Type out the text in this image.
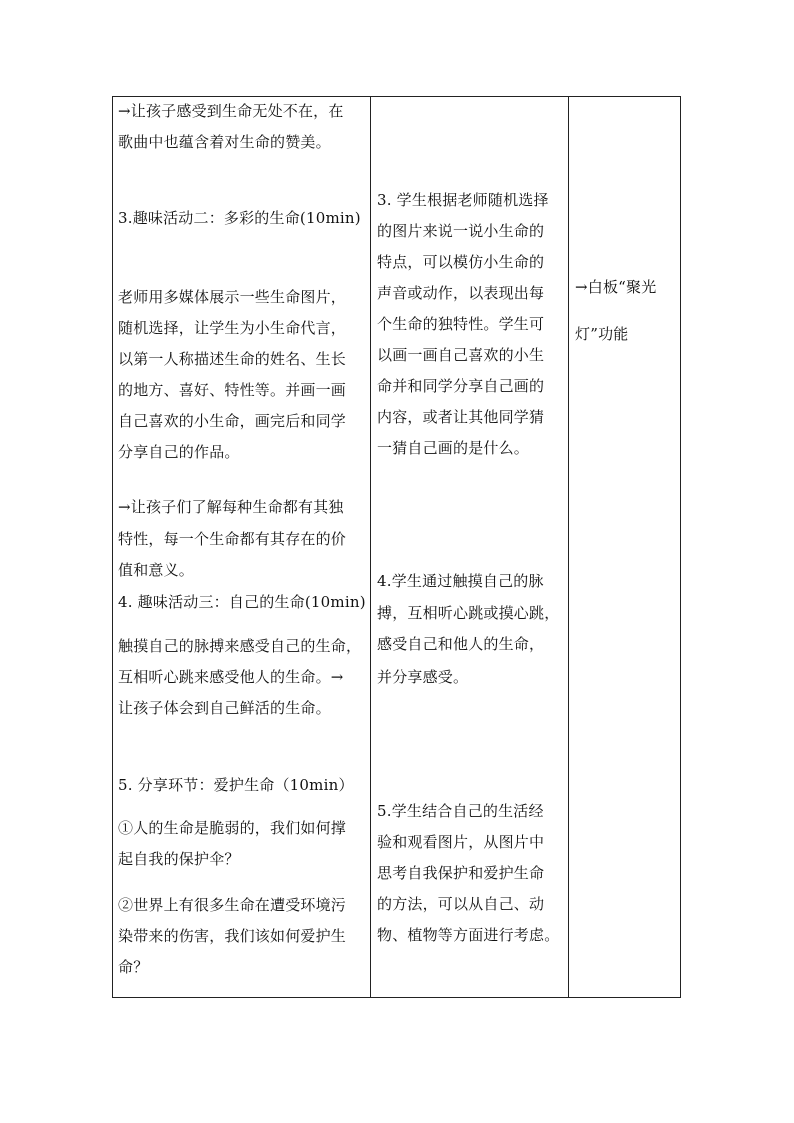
→让孩子感受到生命无处不在，在
歌曲中也蕴含着对生命的赞美。
3.趣味活动二：多彩的生命(10min)
老师用多媒体展示一些生命图片，
随机选择，让学生为小生命代言，
以第一人称描述生命的姓名、生长
的地方、喜好、特性等。并画一画
自己喜欢的小生命，画完后和同学
分享自己的作品。
→让孩子们了解每种生命都有其独
特性，每一个生命都有其存在的价
值和意义。
4. 趣味活动三：自己的生命(10min)
触摸自己的脉搏来感受自己的生命，
互相听心跳来感受他人的生命。→
让孩子体会到自己鲜活的生命。
5. 分享环节：爱护生命（10min）
①人的生命是脆弱的，我们如何撑
起自我的保护伞？
②世界上有很多生命在遭受环境污
染带来的伤害，我们该如何爱护生
命？
3. 学生根据老师随机选择
的图片来说一说小生命的
特点，可以模仿小生命的
声音或动作，以表现出每
个生命的独特性。学生可
以画一画自己喜欢的小生
命并和同学分享自己画的
内容，或者让其他同学猜
一猜自己画的是什么。
4.学生通过触摸自己的脉
搏，互相听心跳或摸心跳，
感受自己和他人的生命，
并分享感受。
5.学生结合自己的生活经
验和观看图片，从图片中
思考自我保护和爱护生命
的方法，可以从自己、动
物、植物等方面进行考虑。
→白板“聚光
灯”功能
